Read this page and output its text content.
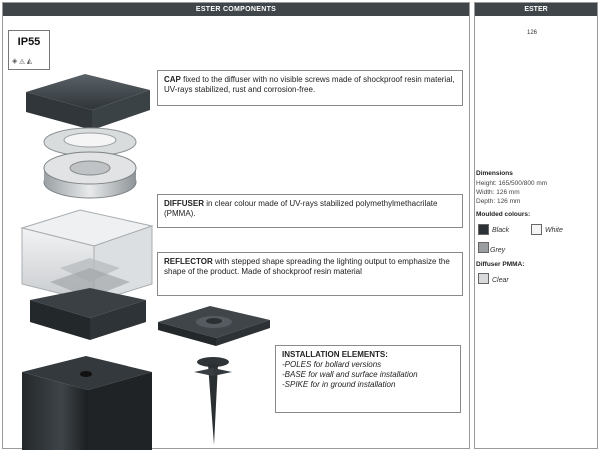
ESTER COMPONENTS
IP55
◈◬◭
CAP fixed to the diffuser with no visible screws made of shockproof resin material, UV-rays stabilized, rust and corrosion-free.
DIFFUSER in clear colour made of UV-rays stabilized polymethylmethacrilate (PMMA).
REFLECTOR with stepped shape spreading the lighting output to emphasize the shape of the product. Made of shockproof resin material
INSTALLATION ELEMENTS:
-POLES for bollard versions
-BASE for wall and surface installation
-SPIKE for in ground installation
ESTER
126
Dimensions
Height: 165/500/800 mm
Width: 126 mm
Depth: 126 mm
Moulded colours:
Black	White
Grey
Diffuser PMMA:
Clear
